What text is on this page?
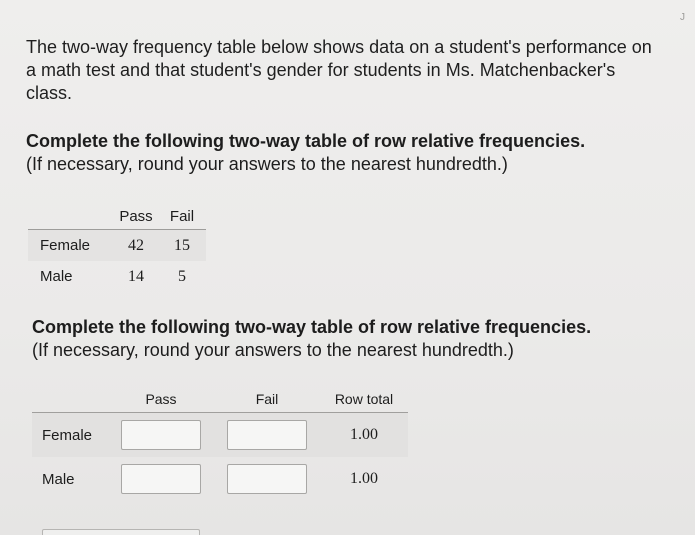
J

The two-way frequency table below shows data on a student's performance on a math test and that student's gender for students in Ms. Matchenbacker's class.

Complete the following two-way table of row relative frequencies.
(If necessary, round your answers to the nearest hundredth.)
	Pass	Fail
Female	42	15
Male	14	5
Complete the following two-way table of row relative frequencies.
(If necessary, round your answers to the nearest hundredth.)
	Pass	Fail	Row total
Female			1.00
Male			1.00
